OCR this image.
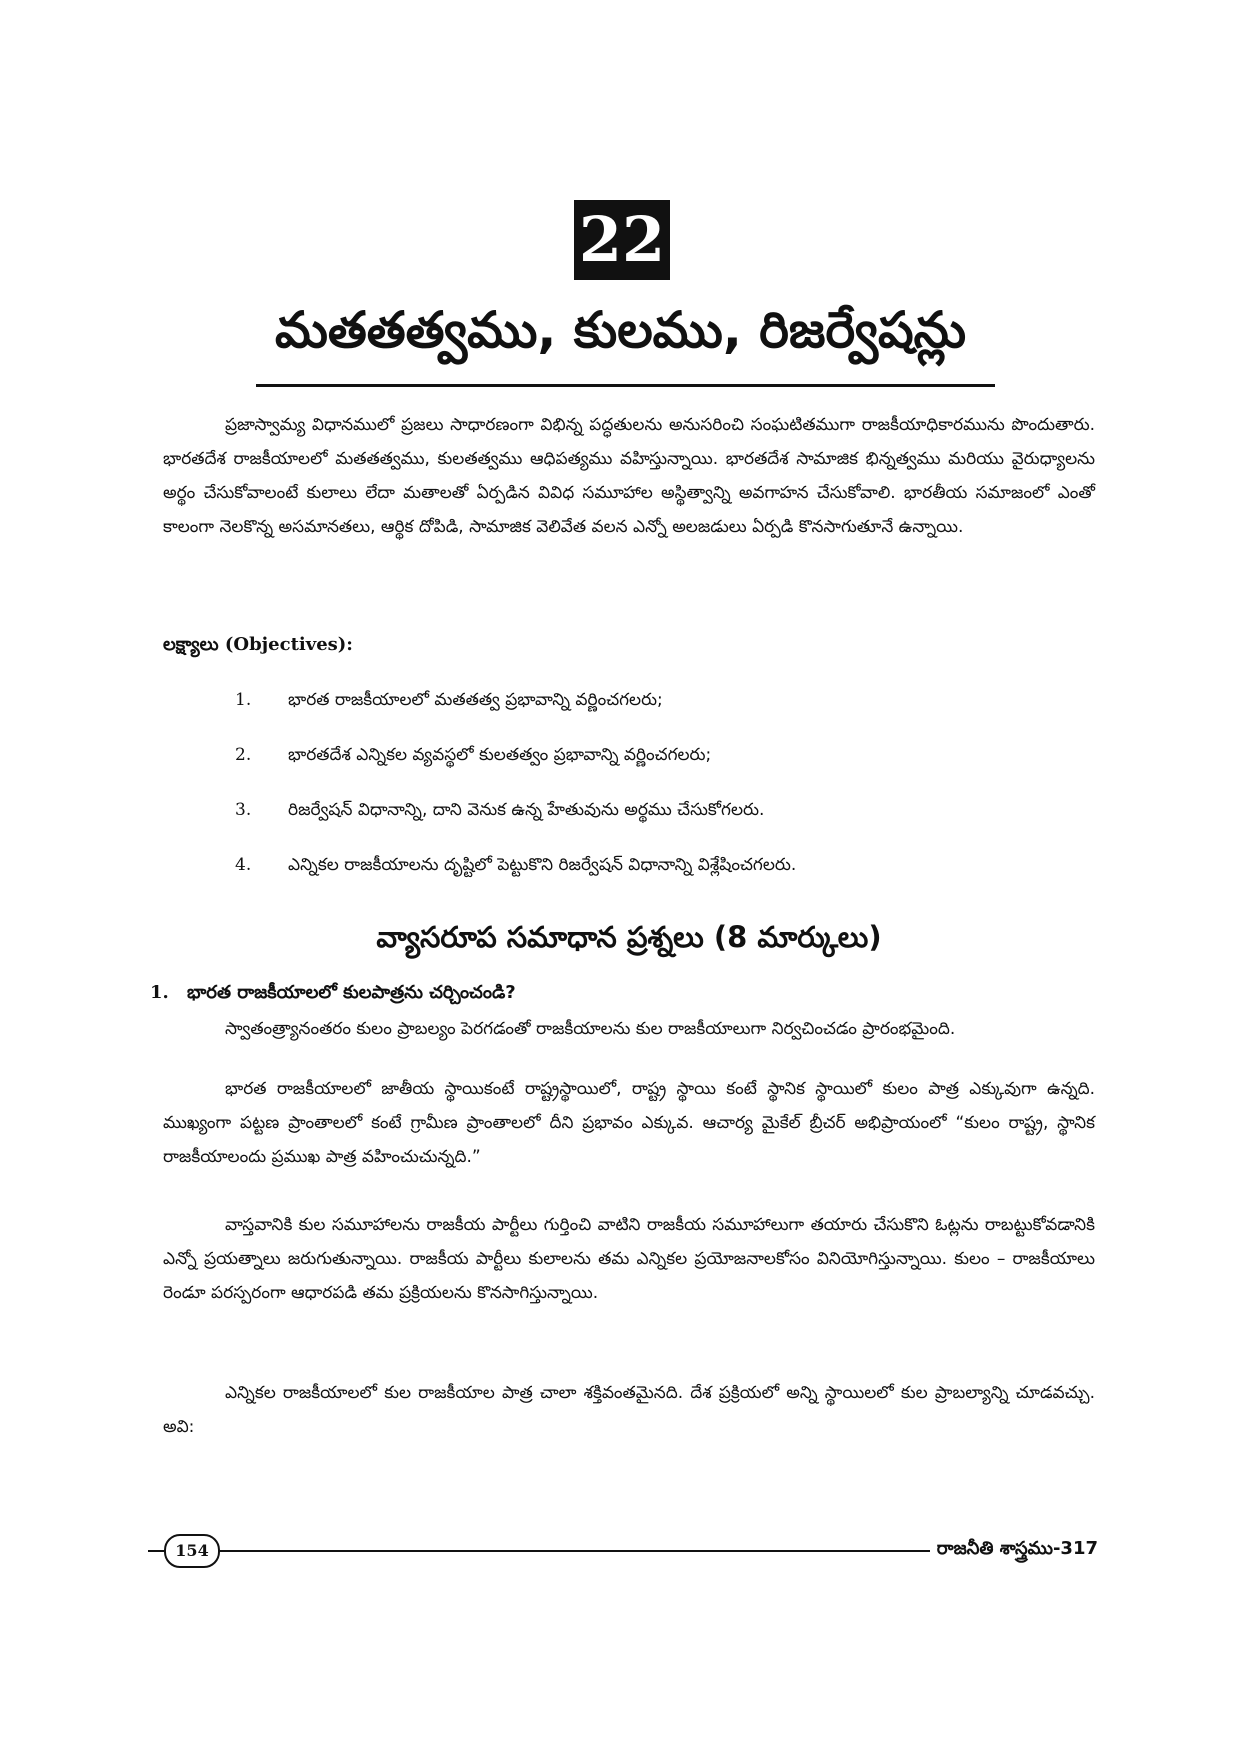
22
మతతత్వము, కులము, రిజర్వేషన్లు

ప్రజాస్వామ్య విధానములో ప్రజలు సాధారణంగా విభిన్న పద్ధతులను అనుసరించి సంఘటితముగా రాజకీయాధికారమును పొందుతారు. భారతదేశ రాజకీయాలలో మతతత్వము, కులతత్వము ఆధిపత్యము వహిస్తున్నాయి. భారతదేశ సామాజిక భిన్నత్వము మరియు వైరుధ్యాలను అర్థం చేసుకోవాలంటే కులాలు లేదా మతాలతో ఏర్పడిన వివిధ సమూహాల అస్థిత్వాన్ని అవగాహన చేసుకోవాలి. భారతీయ సమాజంలో ఎంతో కాలంగా నెలకొన్న అసమానతలు, ఆర్థిక దోపిడి, సామాజిక వెలివేత వలన ఎన్నో అలజడులు ఏర్పడి కొనసాగుతూనే ఉన్నాయి.

లక్ష్యాలు (Objectives):
1. భారత రాజకీయాలలో మతతత్వ ప్రభావాన్ని వర్ణించగలరు;
2. భారతదేశ ఎన్నికల వ్యవస్థలో కులతత్వం ప్రభావాన్ని వర్ణించగలరు;
3. రిజర్వేషన్ విధానాన్ని, దాని వెనుక ఉన్న హేతువును అర్థము చేసుకోగలరు.
4. ఎన్నికల రాజకీయాలను దృష్టిలో పెట్టుకొని రిజర్వేషన్ విధానాన్ని విశ్లేషించగలరు.
వ్యాసరూప సమాధాన ప్రశ్నలు (8 మార్కులు)
1. భారత రాజకీయాలలో కులపాత్రను చర్చించండి?

స్వాతంత్ర్యానంతరం కులం ప్రాబల్యం పెరగడంతో రాజకీయాలను కుల రాజకీయాలుగా నిర్వచించడం ప్రారంభమైంది.

భారత రాజకీయాలలో జాతీయ స్థాయికంటే రాష్ట్రస్థాయిలో, రాష్ట్ర స్థాయి కంటే స్థానిక స్థాయిలో కులం పాత్ర ఎక్కువుగా ఉన్నది. ముఖ్యంగా పట్టణ ప్రాంతాలలో కంటే గ్రామీణ ప్రాంతాలలో దీని ప్రభావం ఎక్కువ. ఆచార్య మైకేల్ బ్రీచర్ అభిప్రాయంలో “కులం రాష్ట్ర, స్థానిక రాజకీయాలందు ప్రముఖ పాత్ర వహించుచున్నది.”

వాస్తవానికి కుల సమూహాలను రాజకీయ పార్టీలు గుర్తించి వాటిని రాజకీయ సమూహాలుగా తయారు చేసుకొని ఓట్లను రాబట్టుకోవడానికి ఎన్నో ప్రయత్నాలు జరుగుతున్నాయి. రాజకీయ పార్టీలు కులాలను తమ ఎన్నికల ప్రయోజనాలకోసం వినియోగిస్తున్నాయి. కులం – రాజకీయాలు రెండూ పరస్పరంగా ఆధారపడి తమ ప్రక్రియలను కొనసాగిస్తున్నాయి.

ఎన్నికల రాజకీయాలలో కుల రాజకీయాల పాత్ర చాలా శక్తివంతమైనది. దేశ ప్రక్రియలో అన్ని స్థాయిలలో కుల ప్రాబల్యాన్ని చూడవచ్చు. అవి:

154	రాజనీతి శాస్త్రము-317
